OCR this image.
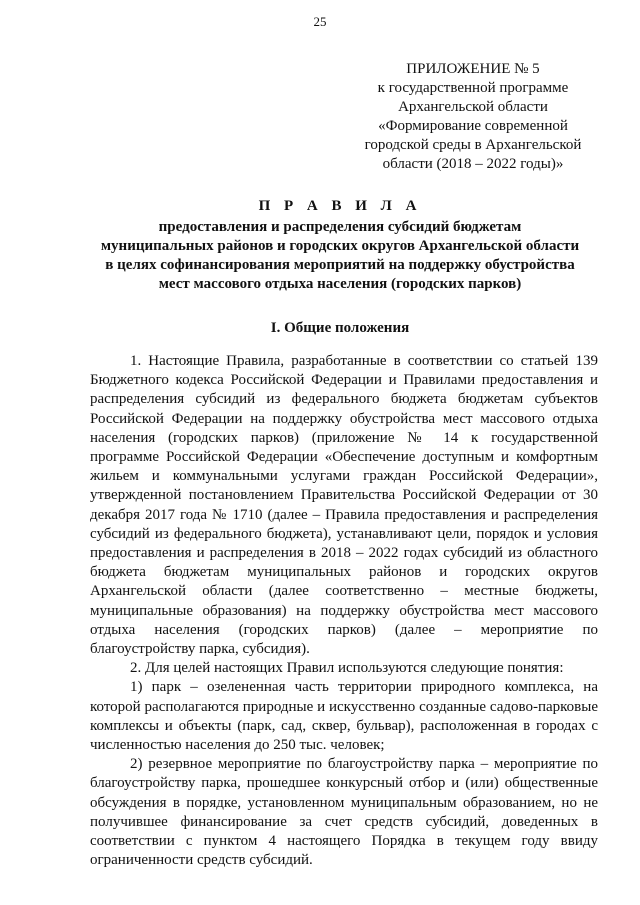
25
ПРИЛОЖЕНИЕ № 5
к государственной программе
Архангельской области
«Формирование современной
городской среды в Архангельской
области (2018 – 2022 годы)»
П Р А В И Л А
предоставления и распределения субсидий бюджетам
муниципальных районов и городских округов Архангельской области
в целях софинансирования мероприятий на поддержку обустройства
мест массового отдыха населения (городских парков)
I. Общие положения

1. Настоящие Правила, разработанные в соответствии со статьей 139 Бюджетного кодекса Российской Федерации и Правилами предоставления и распределения субсидий из федерального бюджета бюджетам субъектов Российской Федерации на поддержку обустройства мест массового отдыха населения (городских парков) (приложение № 14 к государственной программе Российской Федерации «Обеспечение доступным и комфортным жильем и коммунальными услугами граждан Российской Федерации», утвержденной постановлением Правительства Российской Федерации от 30 декабря 2017 года № 1710 (далее – Правила предоставления и распределения субсидий из федерального бюджета), устанавливают цели, порядок и условия предоставления и распределения в 2018 – 2022 годах субсидий из областного бюджета бюджетам муниципальных районов и городских округов Архангельской области (далее соответственно – местные бюджеты, муниципальные образования) на поддержку обустройства мест массового отдыха населения (городских парков) (далее – мероприятие по благоустройству парка, субсидия).

2. Для целей настоящих Правил используются следующие понятия:

1) парк – озелененная часть территории природного комплекса, на которой располагаются природные и искусственно созданные садово-парковые комплексы и объекты (парк, сад, сквер, бульвар), расположенная в городах с численностью населения до 250 тыс. человек;

2) резервное мероприятие по благоустройству парка – мероприятие по благоустройству парка, прошедшее конкурсный отбор и (или) общественные обсуждения в порядке, установленном муниципальным образованием, но не получившее финансирование за счет средств субсидий, доведенных в соответствии с пунктом 4 настоящего Порядка в текущем году ввиду ограниченности средств субсидий.
